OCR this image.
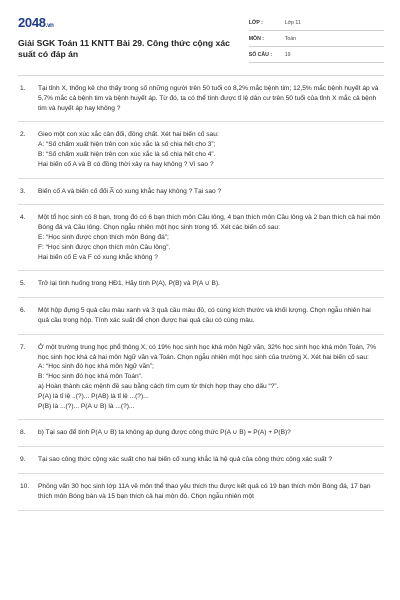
2048.vn
Giải SGK Toán 11 KNTT Bài 29. Công thức cộng xác suất có đáp án
LỚP :	Lớp 11
MÔN :	Toán
SỐ CÂU :	19
1.	Tại tỉnh X, thống kê cho thấy trong số những người trên 50 tuổi có 8,2% mắc bệnh tim; 12,5% mắc bệnh huyết áp và 5,7% mắc cả bệnh tim và bệnh huyết áp. Từ đó, ta có thể tính được tỉ lệ dân cư trên 50 tuổi của tỉnh X mắc cả bệnh tim và huyết áp hay không ?

2.	Gieo một con xúc xắc cân đối, đồng chất. Xét hai biến cố sau:

A: “Số chấm xuất hiện trên con xúc xắc là số chia hết cho 3”;

B: “Số chấm xuất hiện trên con xúc xắc là số chia hết cho 4”.

Hai biến cố A và B có đồng thời xảy ra hay không ? Vì sao ?

3.	Biến cố A và biến cố đối A̅ có xung khắc hay không ? Tại sao ?

4.	Một tổ học sinh có 8 bạn, trong đó có 6 bạn thích môn Cầu lông, 4 bạn thích môn Cầu lông và 2 bạn thích cả hai môn Bóng đá và Cầu lông. Chọn ngẫu nhiên một học sinh trong tổ. Xét các biến cố sau:

E: “Học sinh được chọn thích môn Bóng đá”;

F: “Học sinh được chọn thích môn Cầu lông”.

Hai biến cố E và F có xung khắc không ?

5.	Trở lại tình huống trong HĐ1. Hãy tính P(A), P(B) và P(A ∪ B).

6.	Một hộp đựng 5 quả cầu màu xanh và 3 quả cầu màu đỏ, có cùng kích thước và khối lượng. Chọn ngẫu nhiên hai quả cầu trong hộp. Tính xác suất để chọn được hai quả cầu có cùng màu.

7.	Ở một trường trung học phổ thông X, có 19% học sinh học khá môn Ngữ văn, 32% học sinh học khá môn Toán, 7% học sinh học khá cả hai môn Ngữ văn và Toán. Chọn ngẫu nhiên một học sinh của trường X. Xét hai biến cố sau:

A: “Học sinh đó học khá môn Ngữ văn”;

B: “Học sinh đó học khá môn Toán”.

a) Hoàn thành các mệnh đề sau bằng cách tìm cụm từ thích hợp thay cho dấu “?”.

P(A) là tỉ lệ ..(?)... P(AB) là tỉ lệ ...(?)...

P(B) là ...(?)... P(A ∪ B) là ...(?)...

8.	b) Tại sao để tính P(A ∪ B) ta không áp dụng được công thức P(A ∪ B) = P(A) + P(B)?

9.	Tại sao công thức cộng xác suất cho hai biến cố xung khắc là hệ quả của công thức cộng xác suất ?

10.	Phỏng vấn 30 học sinh lớp 11A về môn thể thao yêu thích thu được kết quả có 19 bạn thích môn Bóng đá, 17 bạn thích môn Bóng bàn và 15 bạn thích cả hai môn đó. Chọn ngẫu nhiên một
